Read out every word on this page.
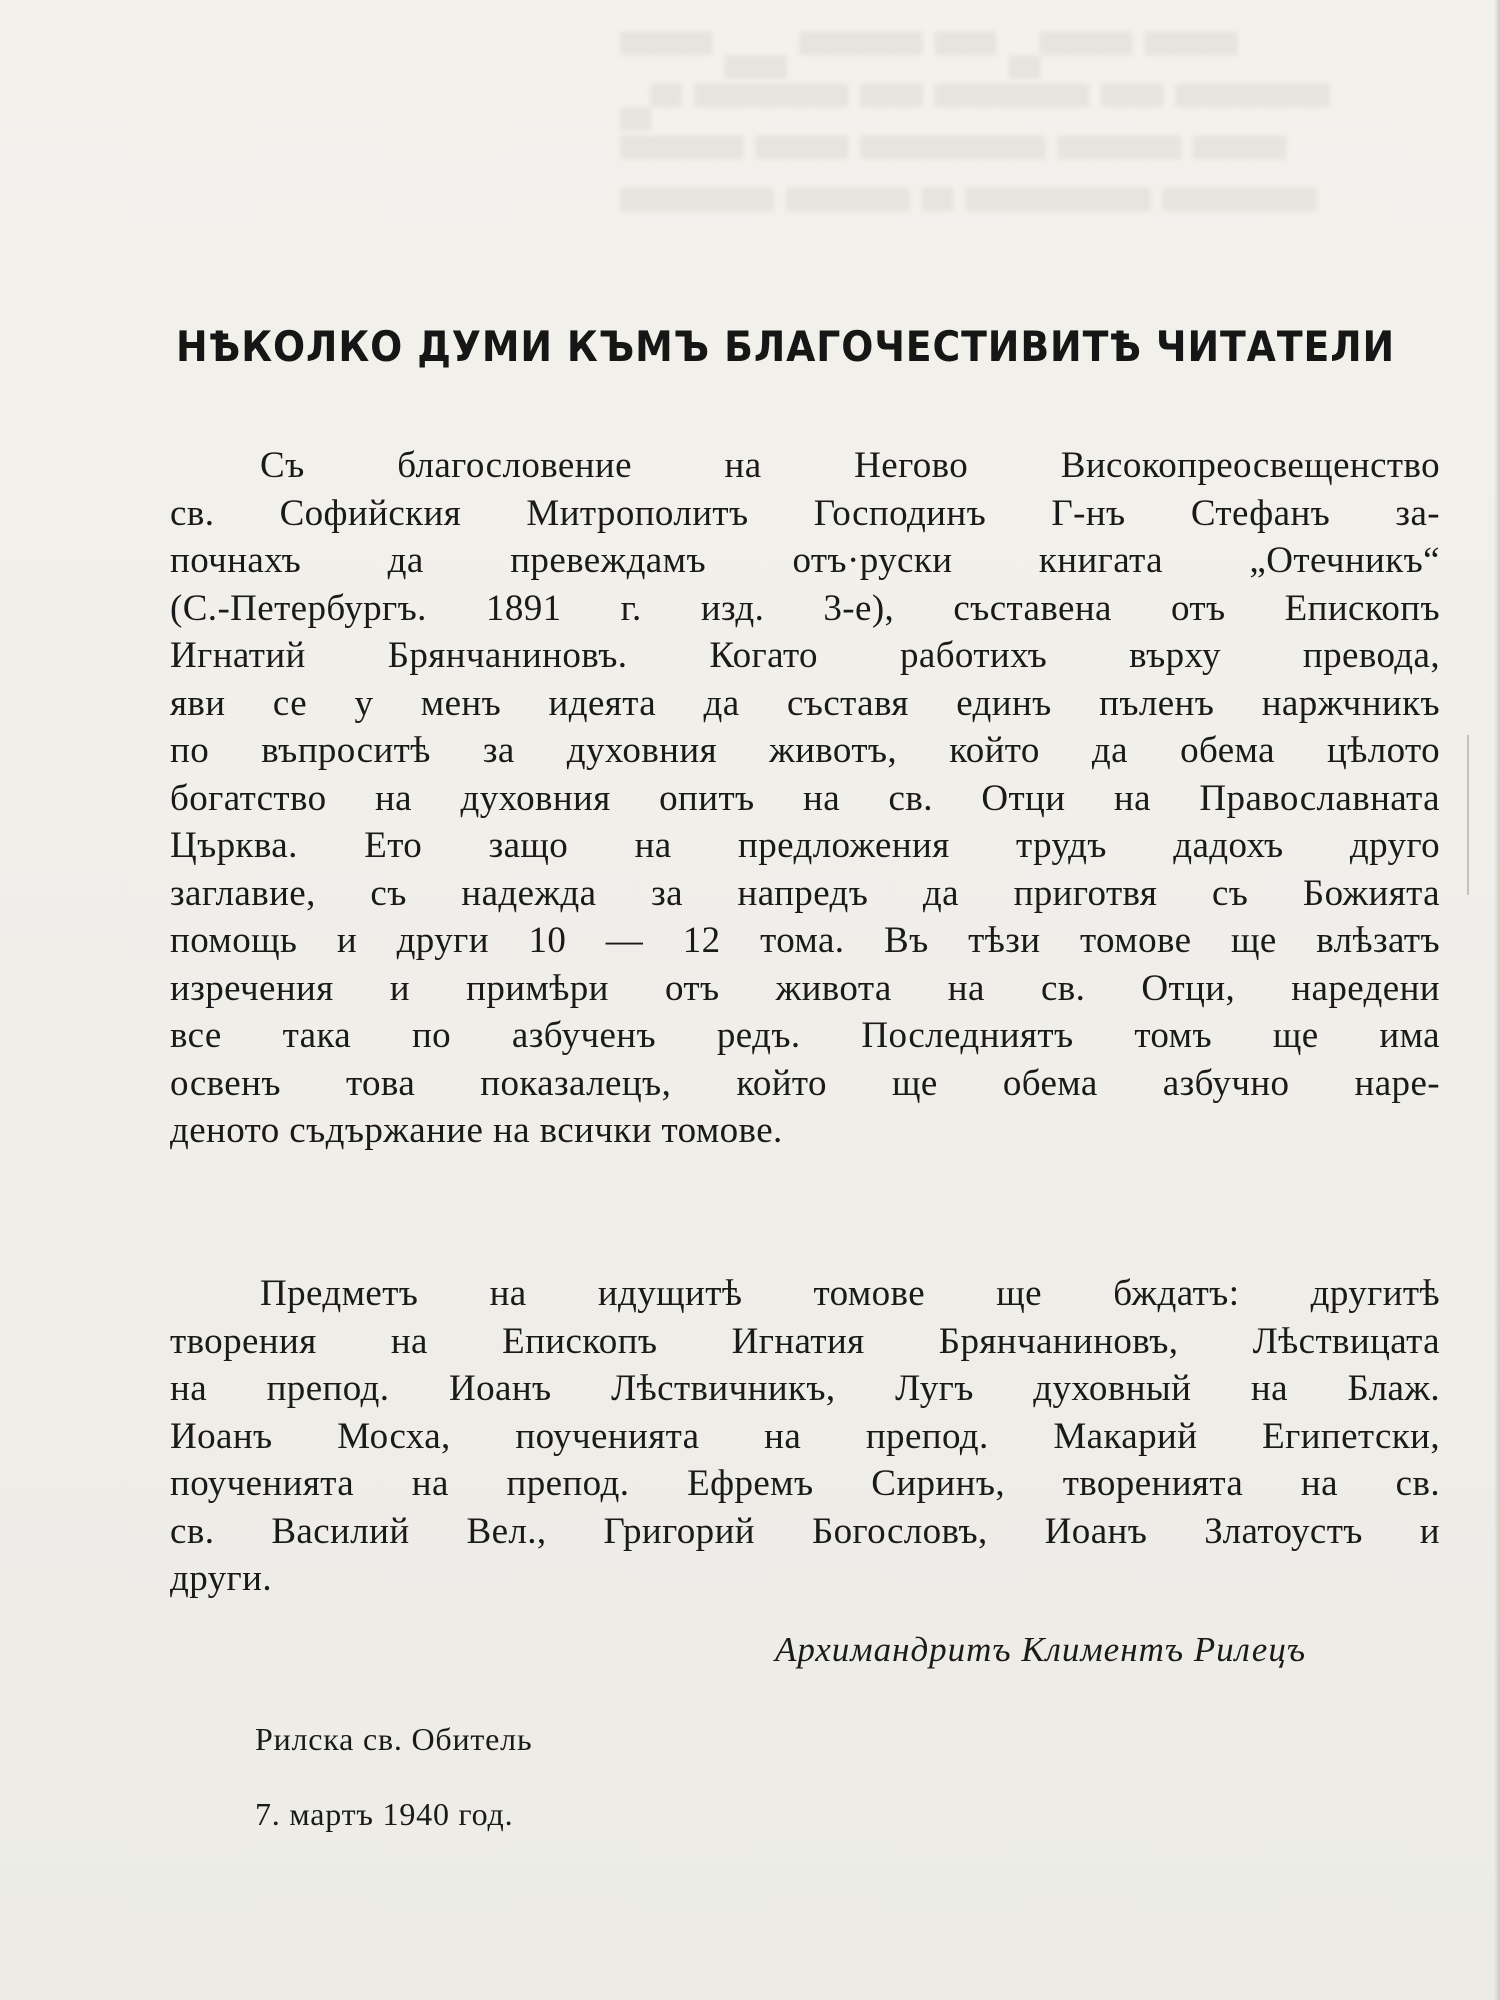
▀▀▀ ▄▄ ▀▀▀▀ ▀▀ ▄▀▀▀ ▀▀▀
▄▀ ▀▀▀▀▀ ▀▀ ▀▀▀▀▀ ▀▀ ▀▀▀▀▀
▀▀▀▀ ▀▀▀ ▀▀▀▀▀▀ ▀▀▀▀ ▀▀▀
▀▀▀▀▀ ▀▀▀▀ ▀ ▀▀▀▀▀▀ ▀▀▀▀▀
НѢКОЛКО ДУМИ КЪМЪ БЛАГОЧЕСТИВИТѢ ЧИТАТЕЛИ
Съ благословение на Негово Високопреосвещенство
св. Софийския Митрополитъ Господинъ Г-нъ Стефанъ за-
почнахъ да превеждамъ отъ·руски книгата „Отечникъ“
(С.-Петербургъ. 1891 г. изд. 3-е), съставена отъ Епископъ
Игнатий Брянчаниновъ. Когато работихъ върху превода,
яви се у менъ идеята да съставя единъ пъленъ наржчникъ
по въпроситѣ за духовния животъ, който да обема цѣлото
богатство на духовния опитъ на св. Отци на Православната
Църква. Ето защо на предложения трудъ дадохъ друго
заглавие, съ надежда за напредъ да приготвя съ Божията
помощь и други 10 — 12 тома. Въ тѣзи томове ще влѣзатъ
изречения и примѣри отъ живота на св. Отци, наредени
все така по азбученъ редъ. Последниятъ томъ ще има
освенъ това показалецъ, който ще обема азбучно наре-
деното съдържание на всички томове.
Предметъ на идущитѣ томове ще бждатъ: другитѣ
творения на Епископъ Игнатия Брянчаниновъ, Лѣствицата
на препод. Иоанъ Лѣствичникъ, Лугъ духовный на Блаж.
Иоанъ Мосха, поученията на препод. Макарий Египетски,
поученията на препод. Ефремъ Сиринъ, творенията на св.
св. Василий Вел., Григорий Богословъ, Иоанъ Златоустъ и
други.
Архимандритъ Климентъ Рилецъ
Рилска св. Обитель
7. мартъ 1940 год.
